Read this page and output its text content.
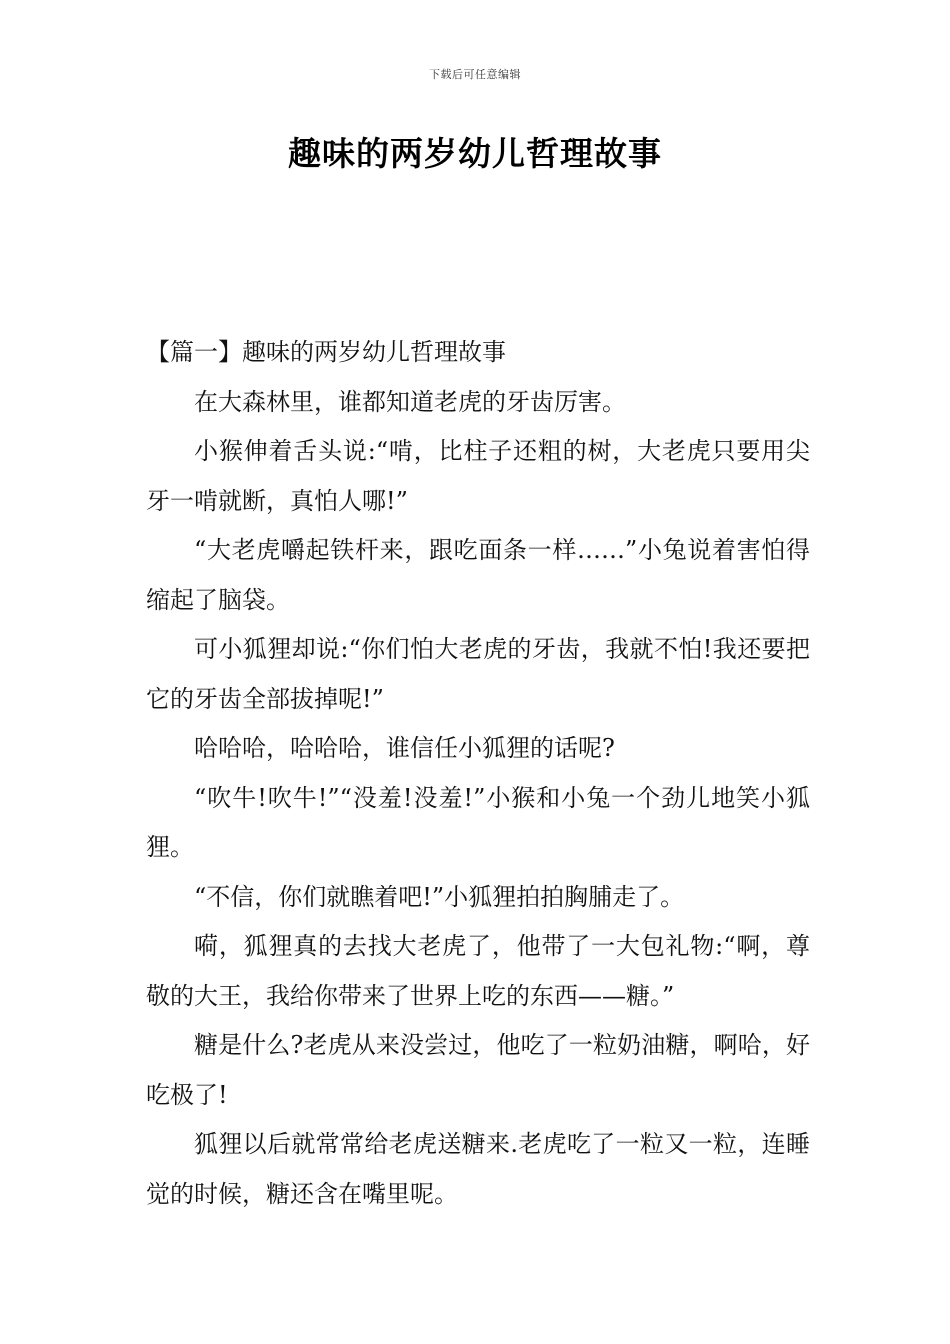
下载后可任意编辑
趣味的两岁幼儿哲理故事

【篇一】趣味的两岁幼儿哲理故事

在大森林里，谁都知道老虎的牙齿厉害。

小猴伸着舌头说:“啃，比柱子还粗的树，大老虎只要用尖牙一啃就断，真怕人哪!”

“大老虎嚼起铁杆来，跟吃面条一样……”小兔说着害怕得缩起了脑袋。

可小狐狸却说:“你们怕大老虎的牙齿，我就不怕!我还要把它的牙齿全部拔掉呢!”

哈哈哈，哈哈哈，谁信任小狐狸的话呢?

“吹牛!吹牛!”“没羞!没羞!”小猴和小兔一个劲儿地笑小狐狸。

“不信，你们就瞧着吧!”小狐狸拍拍胸脯走了。

嗬，狐狸真的去找大老虎了，他带了一大包礼物:“啊，尊敬的大王，我给你带来了世界上吃的东西——糖。”

糖是什么?老虎从来没尝过，他吃了一粒奶油糖，啊哈，好吃极了!

狐狸以后就常常给老虎送糖来.老虎吃了一粒又一粒，连睡觉的时候，糖还含在嘴里呢。
